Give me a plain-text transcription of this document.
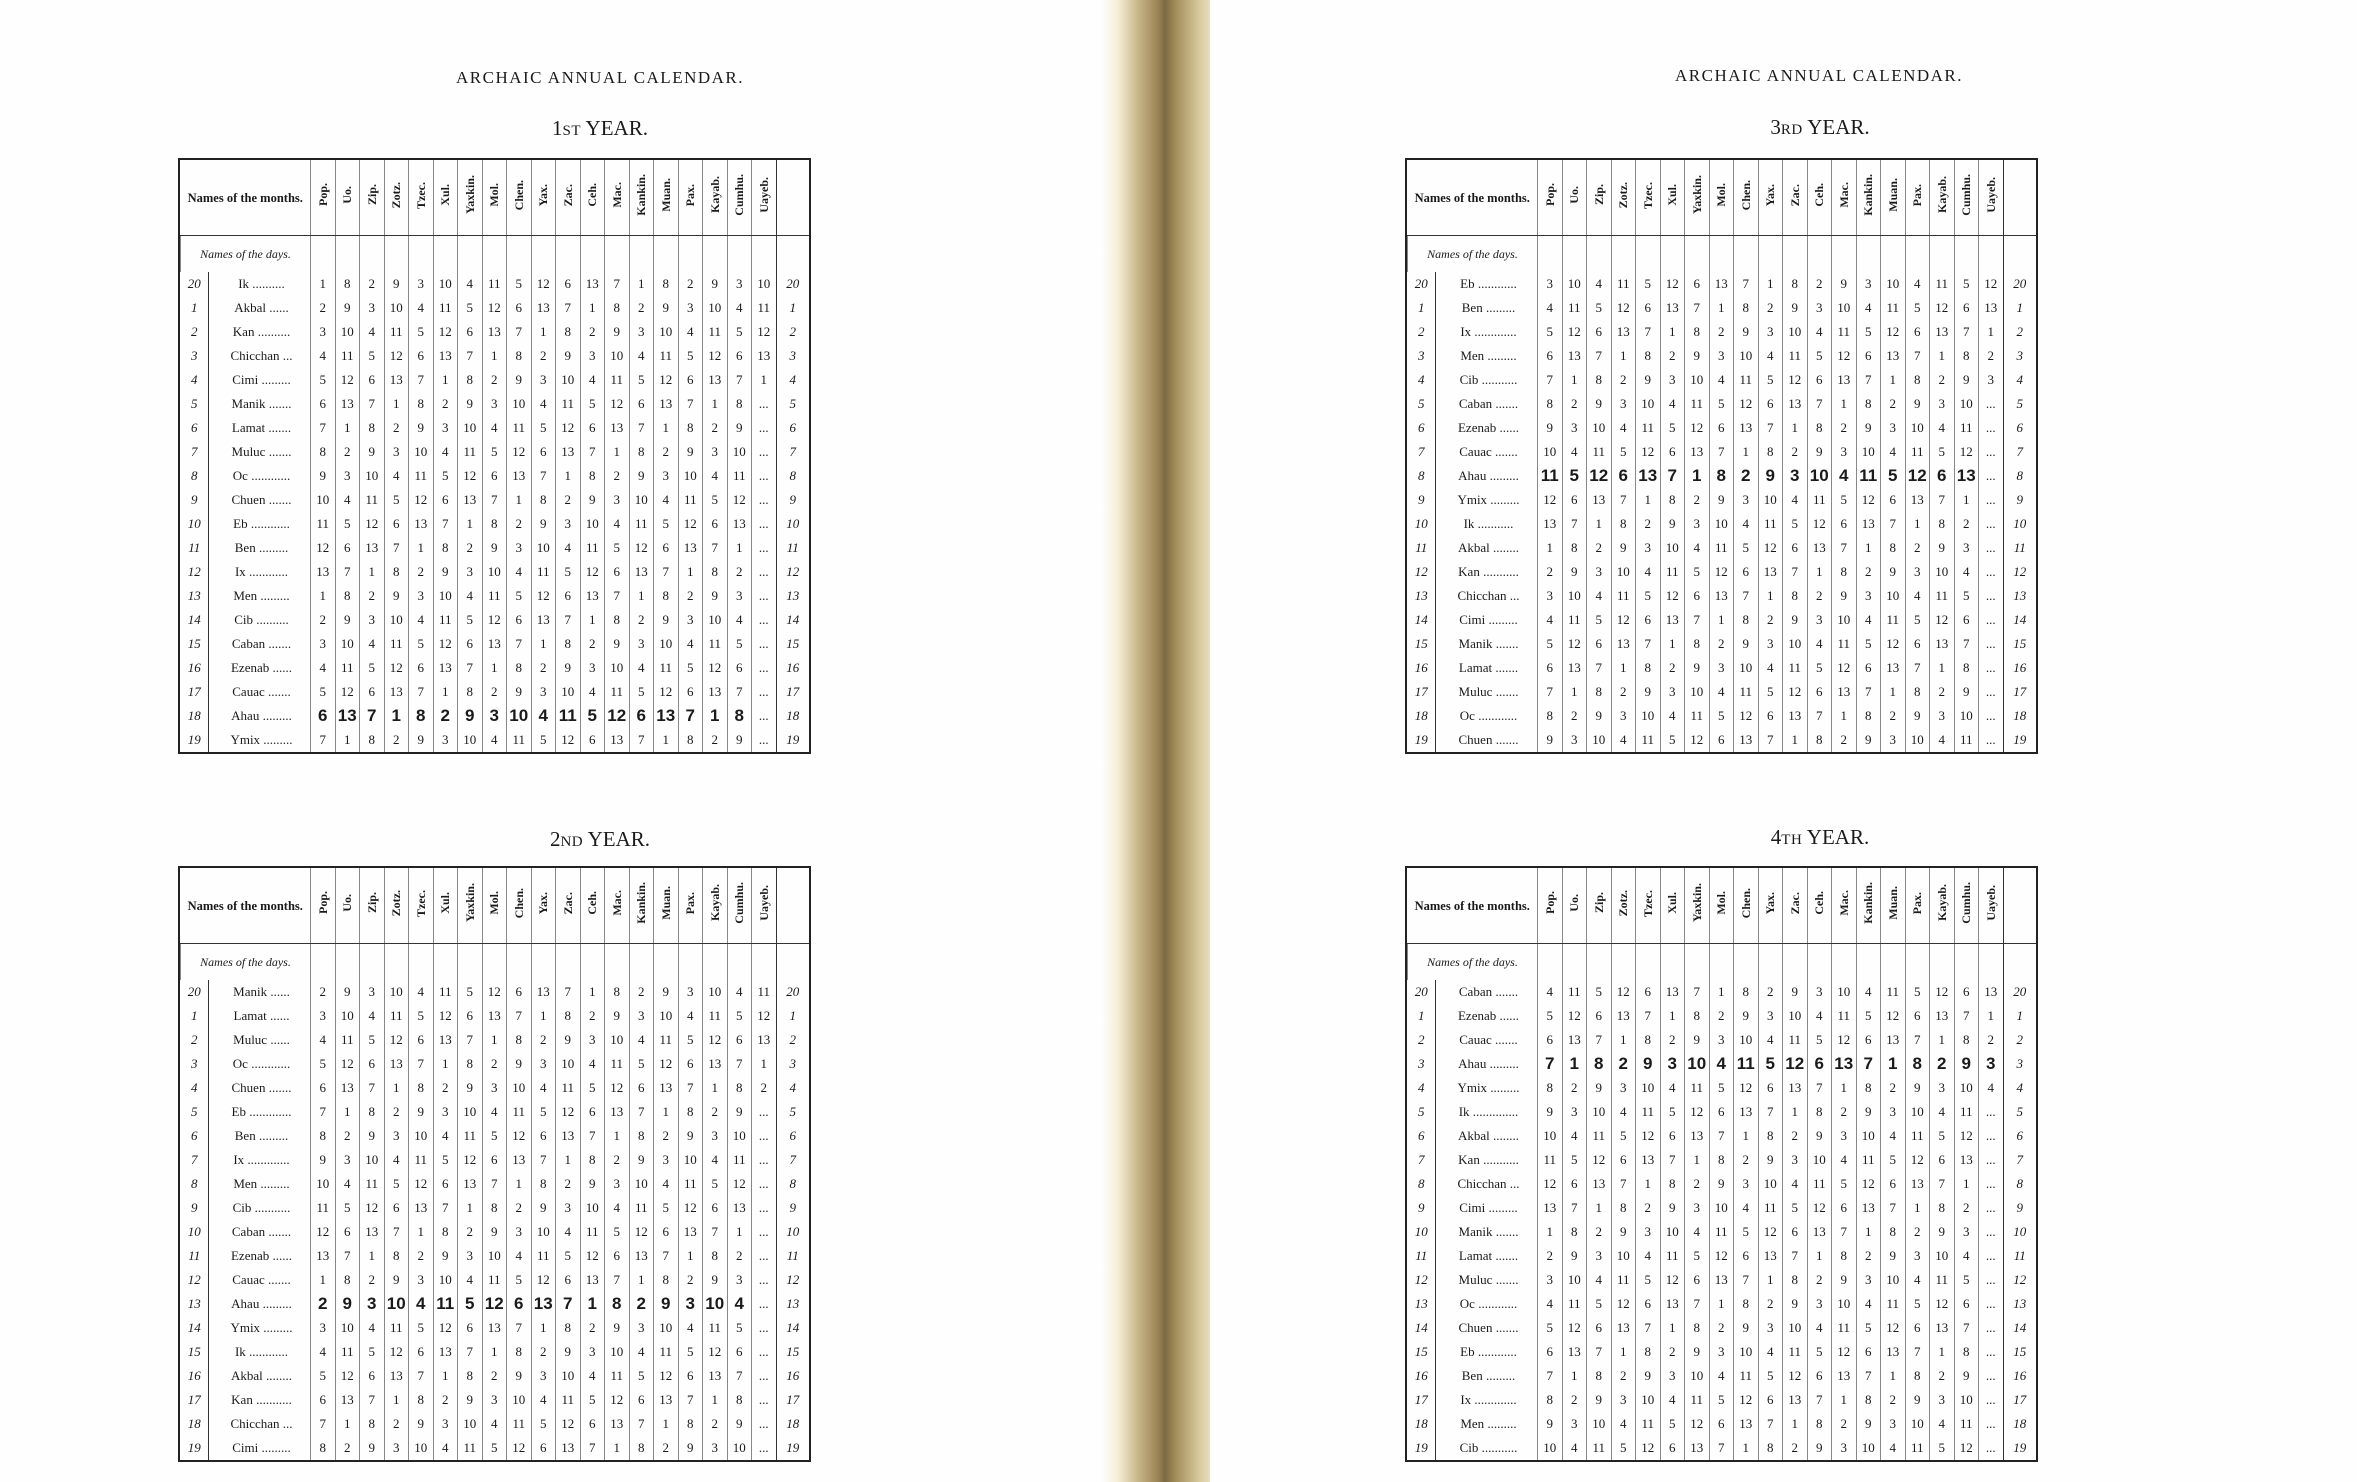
ARCHAIC ANNUAL CALENDAR.
1ST YEAR.
Names of the months.		Pop.	Uo.	Zip.	Zotz.	Tzec.	Xul.	Yaxkin.	Mol.	Chen.	Yax.	Zac.	Ceh.	Mac.	Kankin.	Muan.	Pax.	Kayab.	Cumhu.	Uayeb.	

Names of the days.																					

20	Ik ..........	1	8	2	9	3	10	4	11	5	12	6	13	7	1	8	2	9	3	10	20
1	Akbal ......	2	9	3	10	4	11	5	12	6	13	7	1	8	2	9	3	10	4	11	1
2	Kan ..........	3	10	4	11	5	12	6	13	7	1	8	2	9	3	10	4	11	5	12	2
3	Chicchan ...	4	11	5	12	6	13	7	1	8	2	9	3	10	4	11	5	12	6	13	3
4	Cimi .........	5	12	6	13	7	1	8	2	9	3	10	4	11	5	12	6	13	7	1	4
5	Manik .......	6	13	7	1	8	2	9	3	10	4	11	5	12	6	13	7	1	8	...	5
6	Lamat .......	7	1	8	2	9	3	10	4	11	5	12	6	13	7	1	8	2	9	...	6
7	Muluc .......	8	2	9	3	10	4	11	5	12	6	13	7	1	8	2	9	3	10	...	7
8	Oc ............	9	3	10	4	11	5	12	6	13	7	1	8	2	9	3	10	4	11	...	8
9	Chuen .......	10	4	11	5	12	6	13	7	1	8	2	9	3	10	4	11	5	12	...	9
10	Eb ............	11	5	12	6	13	7	1	8	2	9	3	10	4	11	5	12	6	13	...	10
11	Ben .........	12	6	13	7	1	8	2	9	3	10	4	11	5	12	6	13	7	1	...	11
12	Ix ............	13	7	1	8	2	9	3	10	4	11	5	12	6	13	7	1	8	2	...	12
13	Men .........	1	8	2	9	3	10	4	11	5	12	6	13	7	1	8	2	9	3	...	13
14	Cib ..........	2	9	3	10	4	11	5	12	6	13	7	1	8	2	9	3	10	4	...	14
15	Caban .......	3	10	4	11	5	12	6	13	7	1	8	2	9	3	10	4	11	5	...	15
16	Ezenab ......	4	11	5	12	6	13	7	1	8	2	9	3	10	4	11	5	12	6	...	16
17	Cauac .......	5	12	6	13	7	1	8	2	9	3	10	4	11	5	12	6	13	7	...	17
18	Ahau .........	6	13	7	1	8	2	9	3	10	4	11	5	12	6	13	7	1	8	...	18
19	Ymix .........	7	1	8	2	9	3	10	4	11	5	12	6	13	7	1	8	2	9	...	19
2ND YEAR.
Names of the months.		Pop.	Uo.	Zip.	Zotz.	Tzec.	Xul.	Yaxkin.	Mol.	Chen.	Yax.	Zac.	Ceh.	Mac.	Kankin.	Muan.	Pax.	Kayab.	Cumhu.	Uayeb.	

Names of the days.																					

20	Manik ......	2	9	3	10	4	11	5	12	6	13	7	1	8	2	9	3	10	4	11	20
1	Lamat ......	3	10	4	11	5	12	6	13	7	1	8	2	9	3	10	4	11	5	12	1
2	Muluc ......	4	11	5	12	6	13	7	1	8	2	9	3	10	4	11	5	12	6	13	2
3	Oc ............	5	12	6	13	7	1	8	2	9	3	10	4	11	5	12	6	13	7	1	3
4	Chuen .......	6	13	7	1	8	2	9	3	10	4	11	5	12	6	13	7	1	8	2	4
5	Eb .............	7	1	8	2	9	3	10	4	11	5	12	6	13	7	1	8	2	9	...	5
6	Ben .........	8	2	9	3	10	4	11	5	12	6	13	7	1	8	2	9	3	10	...	6
7	Ix .............	9	3	10	4	11	5	12	6	13	7	1	8	2	9	3	10	4	11	...	7
8	Men .........	10	4	11	5	12	6	13	7	1	8	2	9	3	10	4	11	5	12	...	8
9	Cib ...........	11	5	12	6	13	7	1	8	2	9	3	10	4	11	5	12	6	13	...	9
10	Caban .......	12	6	13	7	1	8	2	9	3	10	4	11	5	12	6	13	7	1	...	10
11	Ezenab ......	13	7	1	8	2	9	3	10	4	11	5	12	6	13	7	1	8	2	...	11
12	Cauac .......	1	8	2	9	3	10	4	11	5	12	6	13	7	1	8	2	9	3	...	12
13	Ahau .........	2	9	3	10	4	11	5	12	6	13	7	1	8	2	9	3	10	4	...	13
14	Ymix .........	3	10	4	11	5	12	6	13	7	1	8	2	9	3	10	4	11	5	...	14
15	Ik ............	4	11	5	12	6	13	7	1	8	2	9	3	10	4	11	5	12	6	...	15
16	Akbal ........	5	12	6	13	7	1	8	2	9	3	10	4	11	5	12	6	13	7	...	16
17	Kan ...........	6	13	7	1	8	2	9	3	10	4	11	5	12	6	13	7	1	8	...	17
18	Chicchan ...	7	1	8	2	9	3	10	4	11	5	12	6	13	7	1	8	2	9	...	18
19	Cimi .........	8	2	9	3	10	4	11	5	12	6	13	7	1	8	2	9	3	10	...	19
ARCHAIC ANNUAL CALENDAR.
3RD YEAR.
Names of the months.		Pop.	Uo.	Zip.	Zotz.	Tzec.	Xul.	Yaxkin.	Mol.	Chen.	Yax.	Zac.	Ceh.	Mac.	Kankin.	Muan.	Pax.	Kayab.	Cumhu.	Uayeb.	

Names of the days.																					

20	Eb ............	3	10	4	11	5	12	6	13	7	1	8	2	9	3	10	4	11	5	12	20
1	Ben .........	4	11	5	12	6	13	7	1	8	2	9	3	10	4	11	5	12	6	13	1
2	Ix .............	5	12	6	13	7	1	8	2	9	3	10	4	11	5	12	6	13	7	1	2
3	Men .........	6	13	7	1	8	2	9	3	10	4	11	5	12	6	13	7	1	8	2	3
4	Cib ...........	7	1	8	2	9	3	10	4	11	5	12	6	13	7	1	8	2	9	3	4
5	Caban .......	8	2	9	3	10	4	11	5	12	6	13	7	1	8	2	9	3	10	...	5
6	Ezenab ......	9	3	10	4	11	5	12	6	13	7	1	8	2	9	3	10	4	11	...	6
7	Cauac .......	10	4	11	5	12	6	13	7	1	8	2	9	3	10	4	11	5	12	...	7
8	Ahau .........	11	5	12	6	13	7	1	8	2	9	3	10	4	11	5	12	6	13	...	8
9	Ymix .........	12	6	13	7	1	8	2	9	3	10	4	11	5	12	6	13	7	1	...	9
10	Ik ...........	13	7	1	8	2	9	3	10	4	11	5	12	6	13	7	1	8	2	...	10
11	Akbal ........	1	8	2	9	3	10	4	11	5	12	6	13	7	1	8	2	9	3	...	11
12	Kan ...........	2	9	3	10	4	11	5	12	6	13	7	1	8	2	9	3	10	4	...	12
13	Chicchan ...	3	10	4	11	5	12	6	13	7	1	8	2	9	3	10	4	11	5	...	13
14	Cimi .........	4	11	5	12	6	13	7	1	8	2	9	3	10	4	11	5	12	6	...	14
15	Manik .......	5	12	6	13	7	1	8	2	9	3	10	4	11	5	12	6	13	7	...	15
16	Lamat .......	6	13	7	1	8	2	9	3	10	4	11	5	12	6	13	7	1	8	...	16
17	Muluc .......	7	1	8	2	9	3	10	4	11	5	12	6	13	7	1	8	2	9	...	17
18	Oc ............	8	2	9	3	10	4	11	5	12	6	13	7	1	8	2	9	3	10	...	18
19	Chuen .......	9	3	10	4	11	5	12	6	13	7	1	8	2	9	3	10	4	11	...	19
4TH YEAR.
Names of the months.		Pop.	Uo.	Zip.	Zotz.	Tzec.	Xul.	Yaxkin.	Mol.	Chen.	Yax.	Zac.	Ceh.	Mac.	Kankin.	Muan.	Pax.	Kayab.	Cumhu.	Uayeb.	

Names of the days.																					

20	Caban .......	4	11	5	12	6	13	7	1	8	2	9	3	10	4	11	5	12	6	13	20
1	Ezenab ......	5	12	6	13	7	1	8	2	9	3	10	4	11	5	12	6	13	7	1	1
2	Cauac .......	6	13	7	1	8	2	9	3	10	4	11	5	12	6	13	7	1	8	2	2
3	Ahau .........	7	1	8	2	9	3	10	4	11	5	12	6	13	7	1	8	2	9	3	3
4	Ymix .........	8	2	9	3	10	4	11	5	12	6	13	7	1	8	2	9	3	10	4	4
5	Ik ..............	9	3	10	4	11	5	12	6	13	7	1	8	2	9	3	10	4	11	...	5
6	Akbal ........	10	4	11	5	12	6	13	7	1	8	2	9	3	10	4	11	5	12	...	6
7	Kan ...........	11	5	12	6	13	7	1	8	2	9	3	10	4	11	5	12	6	13	...	7
8	Chicchan ...	12	6	13	7	1	8	2	9	3	10	4	11	5	12	6	13	7	1	...	8
9	Cimi .........	13	7	1	8	2	9	3	10	4	11	5	12	6	13	7	1	8	2	...	9
10	Manik .......	1	8	2	9	3	10	4	11	5	12	6	13	7	1	8	2	9	3	...	10
11	Lamat .......	2	9	3	10	4	11	5	12	6	13	7	1	8	2	9	3	10	4	...	11
12	Muluc .......	3	10	4	11	5	12	6	13	7	1	8	2	9	3	10	4	11	5	...	12
13	Oc ............	4	11	5	12	6	13	7	1	8	2	9	3	10	4	11	5	12	6	...	13
14	Chuen .......	5	12	6	13	7	1	8	2	9	3	10	4	11	5	12	6	13	7	...	14
15	Eb ............	6	13	7	1	8	2	9	3	10	4	11	5	12	6	13	7	1	8	...	15
16	Ben .........	7	1	8	2	9	3	10	4	11	5	12	6	13	7	1	8	2	9	...	16
17	Ix .............	8	2	9	3	10	4	11	5	12	6	13	7	1	8	2	9	3	10	...	17
18	Men .........	9	3	10	4	11	5	12	6	13	7	1	8	2	9	3	10	4	11	...	18
19	Cib ...........	10	4	11	5	12	6	13	7	1	8	2	9	3	10	4	11	5	12	...	19
